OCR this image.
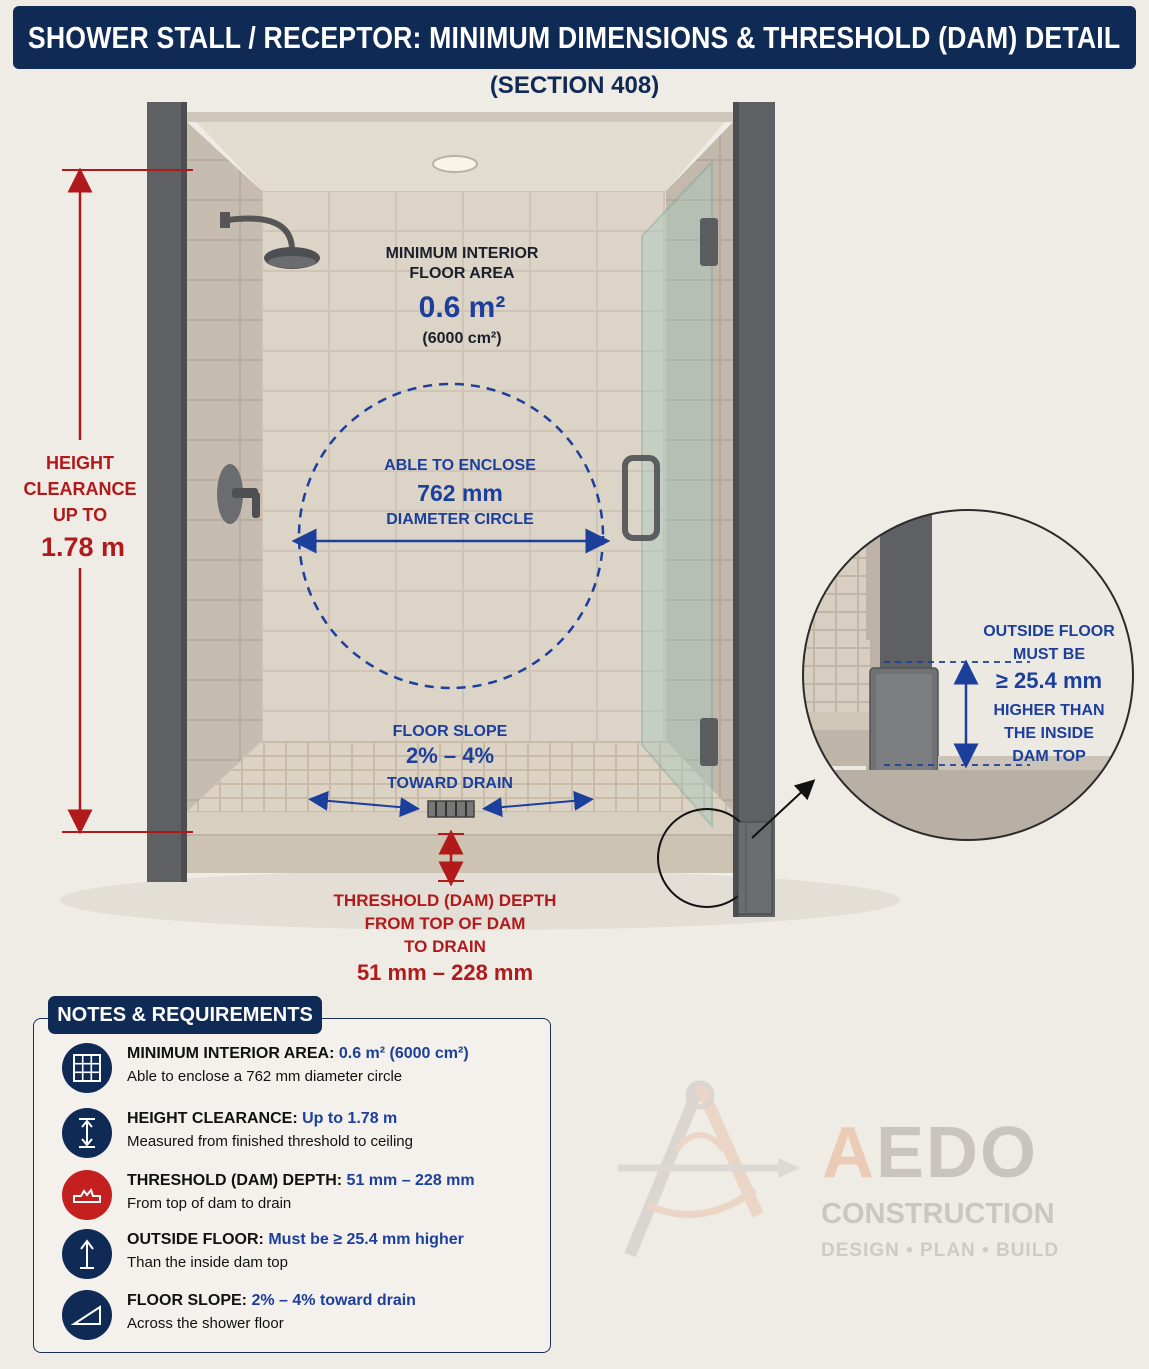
SHOWER STALL / RECEPTOR: MINIMUM DIMENSIONS & THRESHOLD (DAM) DETAIL
(SECTION 408)
MINIMUM INTERIOR
FLOOR AREA
0.6 m²
(6000 cm²)
ABLE TO ENCLOSE
762 mm
DIAMETER CIRCLE
HEIGHT
CLEARANCE
UP TO
1.78 m
FLOOR SLOPE
2% – 4%
TOWARD DRAIN
THRESHOLD (DAM) DEPTH
FROM TOP OF DAM
TO DRAIN
51 mm – 228 mm
OUTSIDE FLOOR
MUST BE
≥ 25.4 mm
HIGHER THAN
THE INSIDE
DAM TOP
NOTES & REQUIREMENTS
MINIMUM INTERIOR AREA: 0.6 m² (6000 cm²)
Able to enclose a 762 mm diameter circle
HEIGHT CLEARANCE: Up to 1.78 m
Measured from finished threshold to ceiling
THRESHOLD (DAM) DEPTH: 51 mm – 228 mm
From top of dam to drain
OUTSIDE FLOOR: Must be ≥ 25.4 mm higher
Than the inside dam top
FLOOR SLOPE: 2% – 4% toward drain
Across the shower floor
AEDO
CONSTRUCTION
DESIGN • PLAN • BUILD
